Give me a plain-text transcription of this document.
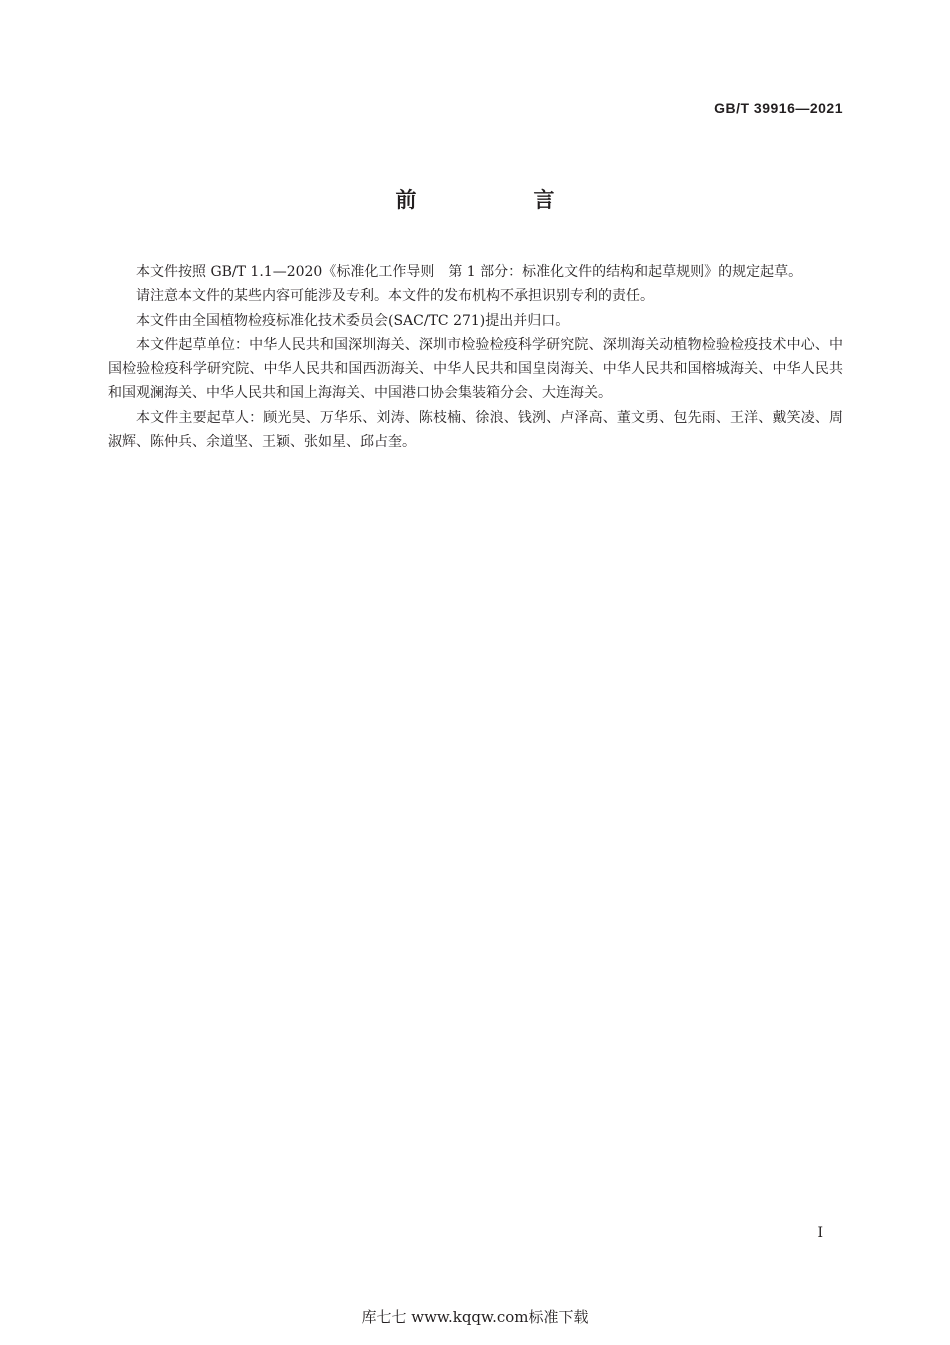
GB/T 39916—2021
前　言

本文件按照 GB/T 1.1—2020《标准化工作导则　第 1 部分：标准化文件的结构和起草规则》的规定起草。

请注意本文件的某些内容可能涉及专利。本文件的发布机构不承担识别专利的责任。

本文件由全国植物检疫标准化技术委员会(SAC/TC 271)提出并归口。

本文件起草单位：中华人民共和国深圳海关、深圳市检验检疫科学研究院、深圳海关动植物检验检疫技术中心、中国检验检疫科学研究院、中华人民共和国西沥海关、中华人民共和国皇岗海关、中华人民共和国榕城海关、中华人民共和国观澜海关、中华人民共和国上海海关、中国港口协会集装箱分会、大连海关。

本文件主要起草人：顾光昊、万华乐、刘涛、陈枝楠、徐浪、钱洌、卢泽高、董文勇、包先雨、王洋、戴笑凌、周淑辉、陈仲兵、余道坚、王颖、张如星、邱占奎。

I
库七七 www.kqqw.com标准下载
